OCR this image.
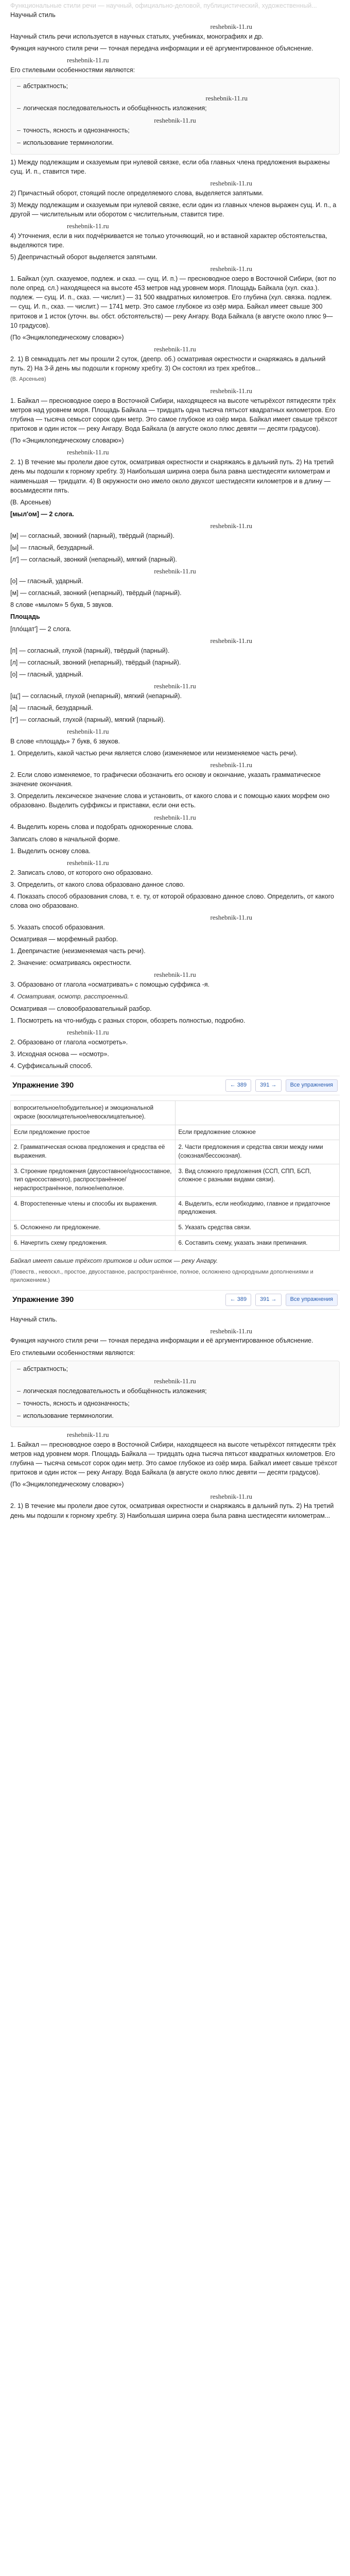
Функциональные стили речи — научный, официально-деловой, публицистический, художественный...
Научный стиль
reshebnik-11.ru
Научный стиль речи используется в научных статьях, учебниках, монографиях и др.
Функция научного стиля речи — точная передача информации и её аргументированное объяснение.
reshebnik-11.ru
Его стилевыми особенностями являются:
– абстрактность;
reshebnik-11.ru
– логическая последовательность и обобщённость изложения;
reshebnik-11.ru
– точность, ясность и однозначность;
– использование терминологии.
1) Между подлежащим и сказуемым при нулевой связке, если оба главных члена предложения выражены сущ. И. п., ставится тире.
reshebnik-11.ru
2) Причастный оборот, стоящий после определяемого слова, выделяется запятыми.
3) Между подлежащим и сказуемым при нулевой связке, если один из главных членов выражен сущ. И. п., а другой — числительным или оборотом с числительным, ставится тире.
reshebnik-11.ru
4) Уточнения, если в них подчёркивается не только уточняющий, но и вставной характер обстоятельства, выделяются тире.
5) Деепричастный оборот выделяется запятыми.
reshebnik-11.ru
1. Байкал (хул. сказуемое, подлеж. и сказ. — сущ. И. п.) — пресноводное озеро в Восточной Сибири, (вот по поле опред. сл.) находящееся на высоте 453 метров над уровнем моря. Площадь Байкала (хул. сказ.). подлеж. — сущ. И. п., сказ. — числит.) — 31 500 квадратных километров. Его глубина (хул. связка. подлеж. — сущ. И. п., сказ. — числит.) — 1741 метр. Это самое глубокое из озёр мира. Байкал имеет свыше 300 притоков и 1 исток (уточн. вы. обст. обстоятельств) — реку Ангару. Вода Байкала (в августе около плюс 9—10 градусов).
(По «Энциклопедическому словарю»)
reshebnik-11.ru
2. 1) В семнадцать лет мы прошли 2 суток, (деепр. об.) осматривая окрестности и снаряжаясь в дальний путь. 2) На 3-й день мы подошли к горному хребту. 3) Он состоял из трех хребтов...
(В. Арсеньев)
reshebnik-11.ru
1. Байкал — пресноводное озеро в Восточной Сибири, находящееся на высоте четырёхсот пятидесяти трёх метров над уровнем моря. Площадь Байкала — тридцать одна тысяча пятьсот квадратных километров. Его глубина — тысяча семьсот сорок один метр. Это самое глубокое из озёр мира. Байкал имеет свыше трёхсот притоков и один исток — реку Ангару. Вода Байкала (в августе около плюс девяти — десяти градусов).
(По «Энциклопедическому словарю»)
reshebnik-11.ru
2. 1) В течение мы пролели двое суток, осматривая окрестности и снаряжаясь в дальний путь. 2) На третий день мы подошли к горному хребту. 3) Наибольшая ширина озера была равна шестидесяти километрам и наименьшая — тридцати. 4) В окружности оно имело около двухсот шестидесяти километров и в длину — восьмидесяти пять.
(В. Арсеньев)
[мыл'ом] — 2 слога.
reshebnik-11.ru
[м] — согласный, звонкий (парный), твёрдый (парный).
[ы] — гласный, безударный.
[л'] — согласный, звонкий (непарный), мягкий (парный).
reshebnik-11.ru
[о] — гласный, ударный.
[м] — согласный, звонкий (непарный), твёрдый (парный).
8 слове «мылом» 5 букв, 5 звуков.
Площадь
[пло́щат'] — 2 слога.
reshebnik-11.ru
[п] — согласный, глухой (парный), твёрдый (парный).
[л] — согласный, звонкий (непарный), твёрдый (парный).
[о] — гласный, ударный.
reshebnik-11.ru
[щ'] — согласный, глухой (непарный), мягкий (непарный).
[а] — гласный, безударный.
[т'] — согласный, глухой (парный), мягкий (парный).
reshebnik-11.ru
В слове «площадь» 7 букв, 6 звуков.
1. Определить, какой частью речи является слово (изменяемое или неизменяемое часть речи).
reshebnik-11.ru
2. Если слово изменяемое, то графически обозначить его основу и окончание, указать грамматическое значение окончания.
3. Определить лексическое значение слова и установить, от какого слова и с помощью каких морфем оно образовано. Выделить суффиксы и приставки, если они есть.
reshebnik-11.ru
4. Выделить корень слова и подобрать однокоренные слова.
Записать слово в начальной форме.
1. Выделить основу слова.
reshebnik-11.ru
2. Записать слово, от которого оно образовано.
3. Определить, от какого слова образовано данное слово.
4. Показать способ образования слова, т. е. ту, от которой образовано данное слово. Определить, от какого слова оно образовано.
reshebnik-11.ru
5. Указать способ образования.
Осматривая — морфемный разбор.
1. Деепричастие (неизменяемая часть речи).
2. Значение: осматриваясь окрестности.
reshebnik-11.ru
3. Образовано от глагола «осматривать» с помощью суффикса -я.
4. Осматривая, осмотр, расстроенный.
Осматривая — словообразовательный разбор.
1. Посмотреть на что-нибудь с разных сторон, обозреть полностью, подробно.
reshebnik-11.ru
2. Образовано от глагола «осмотреть».
3. Исходная основа — «осмотр».
4. Суффиксальный способ.
Упражнение 390	← 389	391 →	Все упражнения
вопросительное/побудительное) и эмоциональной окраске (восклицательное/невосклицательное).	
Если предложение простое	Если предложение сложное
2. Грамматическая основа предложения и средства её выражения.	2. Части предложения и средства связи между ними (союзная/бессоюзная).
3. Строение предложения (двусоставное/односоставное, тип односоставного), распространённое/нераспространённое, полное/неполное.	3. Вид сложного предложения (ССП, СПП, БСП, сложное с разными видами связи).
4. Второстепенные члены и способы их выражения.	4. Выделить, если необходимо, главное и придаточное предложения.
5. Осложнено ли предложение.	5. Указать средства связи.
6. Начертить схему предложения.	6. Составить схему, указать знаки препинания.
Байкал имеет свыше трёхсот притоков и один исток — реку Ангару.
(Повеств., невоскл., простое, двусоставное, распространённое, полное, осложнено однородными дополнениями и приложением.)
Упражнение 390	← 389	391 →	Все упражнения
Научный стиль.
reshebnik-11.ru
Функция научного стиля речи — точная передача информации и её аргументированное объяснение.
Его стилевыми особенностями являются:
– абстрактность;
reshebnik-11.ru
– логическая последовательность и обобщённость изложения;
– точность, ясность и однозначность;
– использование терминологии.
reshebnik-11.ru
1. Байкал — пресноводное озеро в Восточной Сибири, находящееся на высоте четырёхсот пятидесяти трёх метров над уровнем моря. Площадь Байкала — тридцать одна тысяча пятьсот квадратных километров. Его глубина — тысяча семьсот сорок один метр. Это самое глубокое из озёр мира. Байкал имеет свыше трёхсот притоков и один исток — реку Ангару. Вода Байкала (в августе около плюс девяти — десяти градусов).
(По «Энциклопедическому словарю»)
reshebnik-11.ru
2. 1) В течение мы пролели двое суток, осматривая окрестности и снаряжаясь в дальний путь. 2) На третий день мы подошли к горному хребту. 3) Наибольшая ширина озера была равна шестидесяти километрам...
